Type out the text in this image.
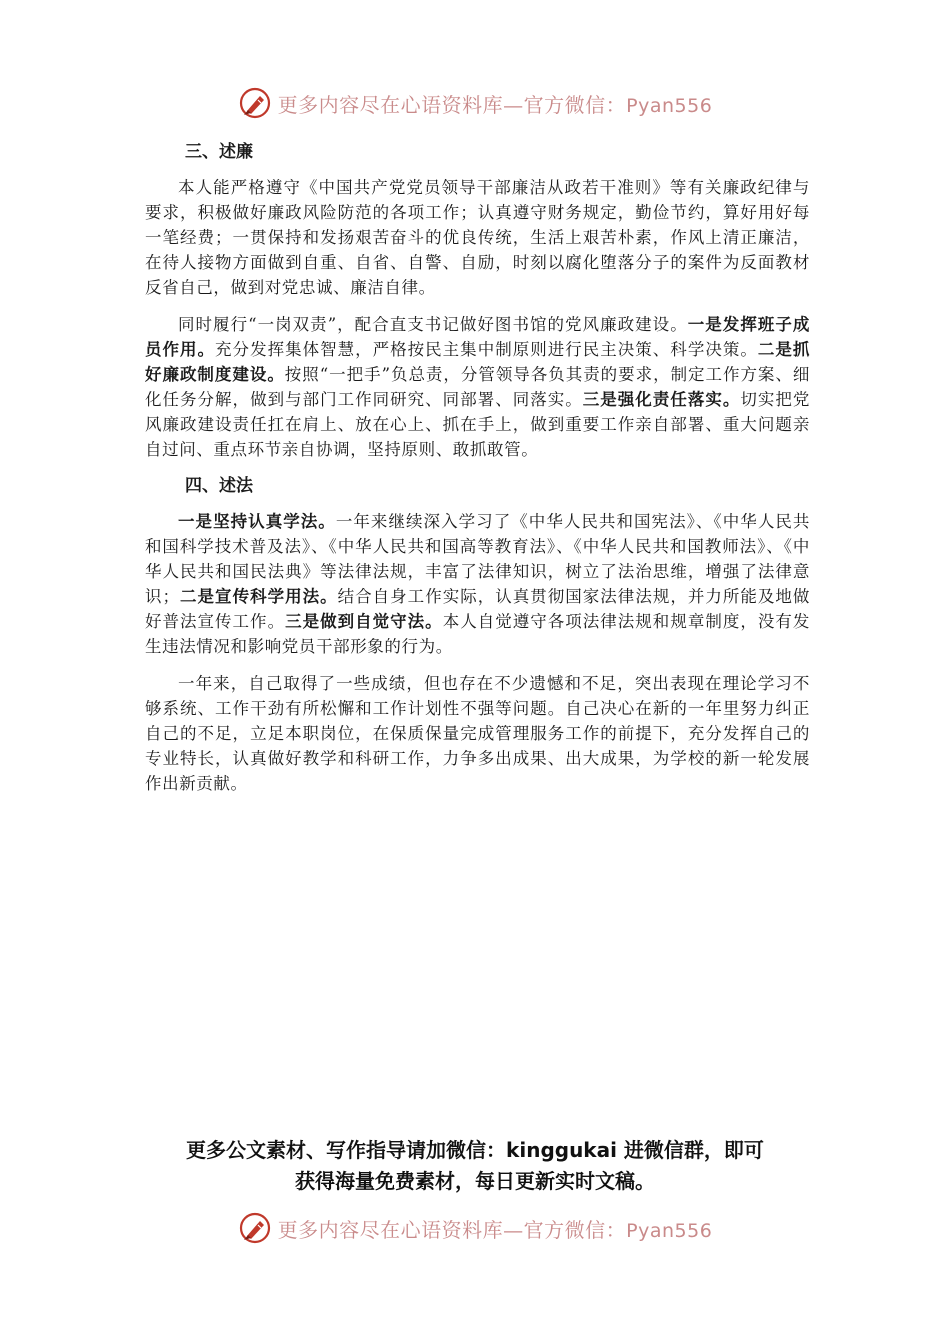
更多内容尽在心语资料库—官方微信：Pyan556
三、述廉

本人能严格遵守《中国共产党党员领导干部廉洁从政若干准则》等有关廉政纪律与要求，积极做好廉政风险防范的各项工作；认真遵守财务规定，勤俭节约，算好用好每一笔经费；一贯保持和发扬艰苦奋斗的优良传统，生活上艰苦朴素，作风上清正廉洁，在待人接物方面做到自重、自省、自警、自励，时刻以腐化堕落分子的案件为反面教材反省自己，做到对党忠诚、廉洁自律。

同时履行“一岗双责”，配合直支书记做好图书馆的党风廉政建设。一是发挥班子成员作用。充分发挥集体智慧，严格按民主集中制原则进行民主决策、科学决策。二是抓好廉政制度建设。按照“一把手”负总责，分管领导各负其责的要求，制定工作方案、细化任务分解，做到与部门工作同研究、同部署、同落实。三是强化责任落实。切实把党风廉政建设责任扛在肩上、放在心上、抓在手上，做到重要工作亲自部署、重大问题亲自过问、重点环节亲自协调，坚持原则、敢抓敢管。

四、述法

一是坚持认真学法。一年来继续深入学习了《中华人民共和国宪法》、《中华人民共和国科学技术普及法》、《中华人民共和国高等教育法》、《中华人民共和国教师法》、《中华人民共和国民法典》等法律法规，丰富了法律知识，树立了法治思维，增强了法律意识；二是宣传科学用法。结合自身工作实际，认真贯彻国家法律法规，并力所能及地做好普法宣传工作。三是做到自觉守法。本人自觉遵守各项法律法规和规章制度，没有发生违法情况和影响党员干部形象的行为。

一年来，自己取得了一些成绩，但也存在不少遗憾和不足，突出表现在理论学习不够系统、工作干劲有所松懈和工作计划性不强等问题。自己决心在新的一年里努力纠正自己的不足，立足本职岗位，在保质保量完成管理服务工作的前提下，充分发挥自己的专业特长，认真做好教学和科研工作，力争多出成果、出大成果，为学校的新一轮发展作出新贡献。

更多公文素材、写作指导请加微信：kinggukai 进微信群，即可
获得海量免费素材，每日更新实时文稿。
更多内容尽在心语资料库—官方微信：Pyan556
